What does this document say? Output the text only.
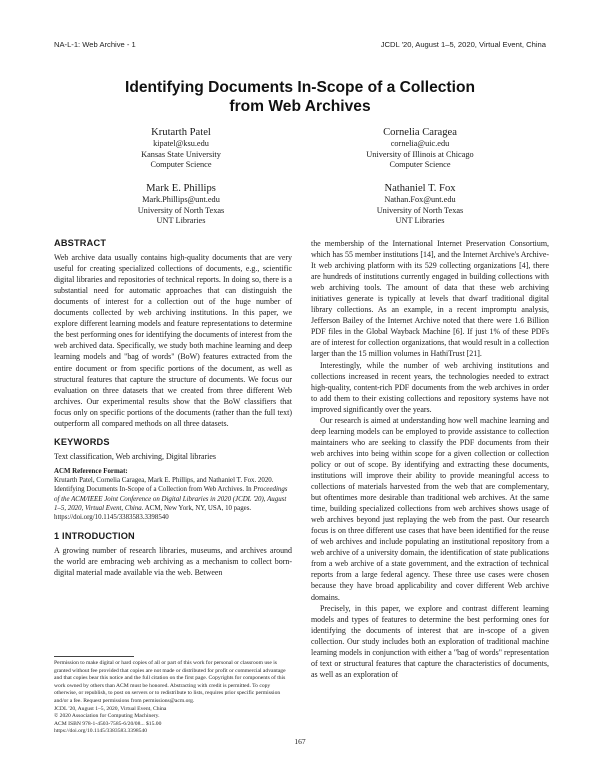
NA-L-1: Web Archive - 1	JCDL '20, August 1–5, 2020, Virtual Event, China
Identifying Documents In-Scope of a Collection
from Web Archives
Krutarth Patel
kipatel@ksu.edu
Kansas State University
Computer Science
Cornelia Caragea
cornelia@uic.edu
University of Illinois at Chicago
Computer Science
Mark E. Phillips
Mark.Phillips@unt.edu
University of North Texas
UNT Libraries
Nathaniel T. Fox
Nathan.Fox@unt.edu
University of North Texas
UNT Libraries
ABSTRACT

Web archive data usually contains high-quality documents that are very useful for creating specialized collections of documents, e.g., scientific digital libraries and repositories of technical reports. In doing so, there is a substantial need for automatic approaches that can distinguish the documents of interest for a collection out of the huge number of documents collected by web archiving institutions. In this paper, we explore different learning models and feature representations to determine the best performing ones for identifying the documents of interest from the web archived data. Specifically, we study both machine learning and deep learning models and "bag of words" (BoW) features extracted from the entire document or from specific portions of the document, as well as structural features that capture the structure of documents. We focus our evaluation on three datasets that we created from three different Web archives. Our experimental results show that the BoW classifiers that focus only on specific portions of the documents (rather than the full text) outperform all compared methods on all three datasets.

KEYWORDS

Text classification, Web archiving, Digital libraries

ACM Reference Format:

Krutarth Patel, Cornelia Caragea, Mark E. Phillips, and Nathaniel T. Fox. 2020. Identifying Documents In-Scope of a Collection from Web Archives. In Proceedings of the ACM/IEEE Joint Conference on Digital Libraries in 2020 (JCDL '20), August 1–5, 2020, Virtual Event, China. ACM, New York, NY, USA, 10 pages. https://doi.org/10.1145/3383583.3398540

1 INTRODUCTION

A growing number of research libraries, museums, and archives around the world are embracing web archiving as a mechanism to collect born-digital material made available via the web. Between

Permission to make digital or hard copies of all or part of this work for personal or classroom use is granted without fee provided that copies are not made or distributed for profit or commercial advantage and that copies bear this notice and the full citation on the first page. Copyrights for components of this work owned by others than ACM must be honored. Abstracting with credit is permitted. To copy otherwise, or republish, to post on servers or to redistribute to lists, requires prior specific permission and/or a fee. Request permissions from permissions@acm.org.

JCDL '20, August 1–5, 2020, Virtual Event, China

© 2020 Association for Computing Machinery.

ACM ISBN 978-1-4503-7585-6/20/08... $15.00

https://doi.org/10.1145/3383583.3398540

the membership of the International Internet Preservation Consortium, which has 55 member institutions [14], and the Internet Archive's Archive-It web archiving platform with its 529 collecting organizations [4], there are hundreds of institutions currently engaged in building collections with web archiving tools. The amount of data that these web archiving initiatives generate is typically at levels that dwarf traditional digital library collections. As an example, in a recent impromptu analysis, Jefferson Bailey of the Internet Archive noted that there were 1.6 Billion PDF files in the Global Wayback Machine [6]. If just 1% of these PDFs are of interest for collection organizations, that would result in a collection larger than the 15 million volumes in HathiTrust [21].

Interestingly, while the number of web archiving institutions and collections increased in recent years, the technologies needed to extract high-quality, content-rich PDF documents from the web archives in order to add them to their existing collections and repository systems have not improved significantly over the years.

Our research is aimed at understanding how well machine learning and deep learning models can be employed to provide assistance to collection maintainers who are seeking to classify the PDF documents from their web archives into being within scope for a given collection or collection policy or out of scope. By identifying and extracting these documents, institutions will improve their ability to provide meaningful access to collections of materials harvested from the web that are complementary, but oftentimes more desirable than traditional web archives. At the same time, building specialized collections from web archives shows usage of web archives beyond just replaying the web from the past. Our research focus is on three different use cases that have been identified for the reuse of web archives and include populating an institutional repository from a web archive of a university domain, the identification of state publications from a web archive of a state government, and the extraction of technical reports from a large federal agency. These three use cases were chosen because they have broad applicability and cover different Web archive domains.

Precisely, in this paper, we explore and contrast different learning models and types of features to determine the best performing ones for identifying the documents of interest that are in-scope of a given collection. Our study includes both an exploration of traditional machine learning models in conjunction with either a "bag of words" representation of text or structural features that capture the characteristics of documents, as well as an exploration of

167
